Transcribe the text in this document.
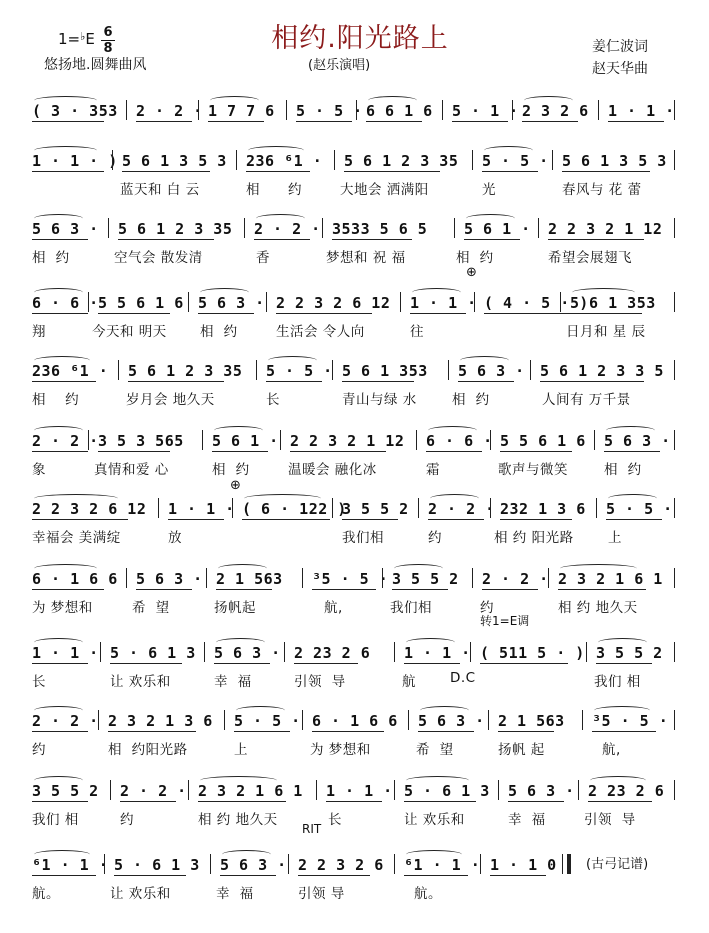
1=♭E 6
8
悠扬地.圆舞曲风
相约.阳光路上
(赵乐演唱)
姜仁波词
赵天华曲
( 3 · 353 2 · 2 · 1 7 7 6 5 · 5 · 6 6 1 6 5 · 1 · 2 3 2 6 1 · 1 ·
1 · 1 · ) 5 6 1 3 5 3 236 ⁶1 · 5 6 1 2 3 35 5 · 5 · 5 6 1 3 5 3
蓝天和 白 云	相 约	大地会 洒满阳	光	春风与 花 蕾
5 6 3 · 5 6 1 2 3 35 2 · 2 · 3533 5 6 5 5 6 1 · 2 2 3 2 1 12
相  约	空气会 散发清	香	梦想和 祝 福	相  约	希望会展翅飞
6 · 6 · 5 5 6 1 6 5 6 3 · 2 2 3 2 6 12 1 · 1 · ( 4 · 5 · )
5 6 1 353
翔	今天和 明天 相  约	生活会 令人向	往	日月和 星 辰
236 ⁶1 · 5 6 1 2 3 35 5 · 5 · 5 6 1 353 5 6 3 · 5 6 1 2 3 3 5
相    约	岁月会 地久天	长	青山与绿 水	相  约	人间有 万千景
2 · 2 · 3 5 3 565 5 6 1 · 2 2 3 2 1 12 6 · 6 · 5 5 6 1 6 5 6 3 ·
象	真情和爱 心	相  约	温暖会 融化冰	霜	歌声与微笑	相  约
2 2 3 2 6 12 1 · 1 · ( 6 · 122 )
3 5 5 2 2 · 2 · 232 1 3 6 5 · 5 ·
幸福会 美满绽	放	我们相	约	相 约 阳光路	上
6 · 1 6 6 5 6 3 · 2 1 563 ³5 · 5 · 3 5 5 2 2 · 2 · 2 3 2 1 6 1
为 梦想和	希  望	扬帆起	航,	我们相	约	相 约 地久天
1 · 1 · 5 · 6 1 3 5 6 3 · 2 23 2 6 1 · 1 · ( 511 5 · ) 3 5 5 2
长	让 欢乐和	幸  福	引领  导	航	D.C	我们 相
2 · 2 · 2 3 2 1 3 6 5 · 5 · 6 · 1 6 6 5 6 3 · 2 1 563 ³5 · 5 ·
约	相  约阳光路	上	为 梦想和	希  望	扬帆 起	航,
3 5 5 2 2 · 2 · 2 3 2 1 6 1 1 · 1 · 5 · 6 1 3 5 6 3 · 2 23 2 6
我们 相	约	相 约 地久天	长	让 欢乐和	幸  福	引领  导
⁶1 · 1 · 5 · 6 1 3 5 6 3 · 2 2 3 2 6 ⁶1 · 1 · 1 · 1 0
航。	让 欢乐和	幸  福	引领 导	航。
转1=E调
RIT
(古弓记谱)
⊕
⊕
